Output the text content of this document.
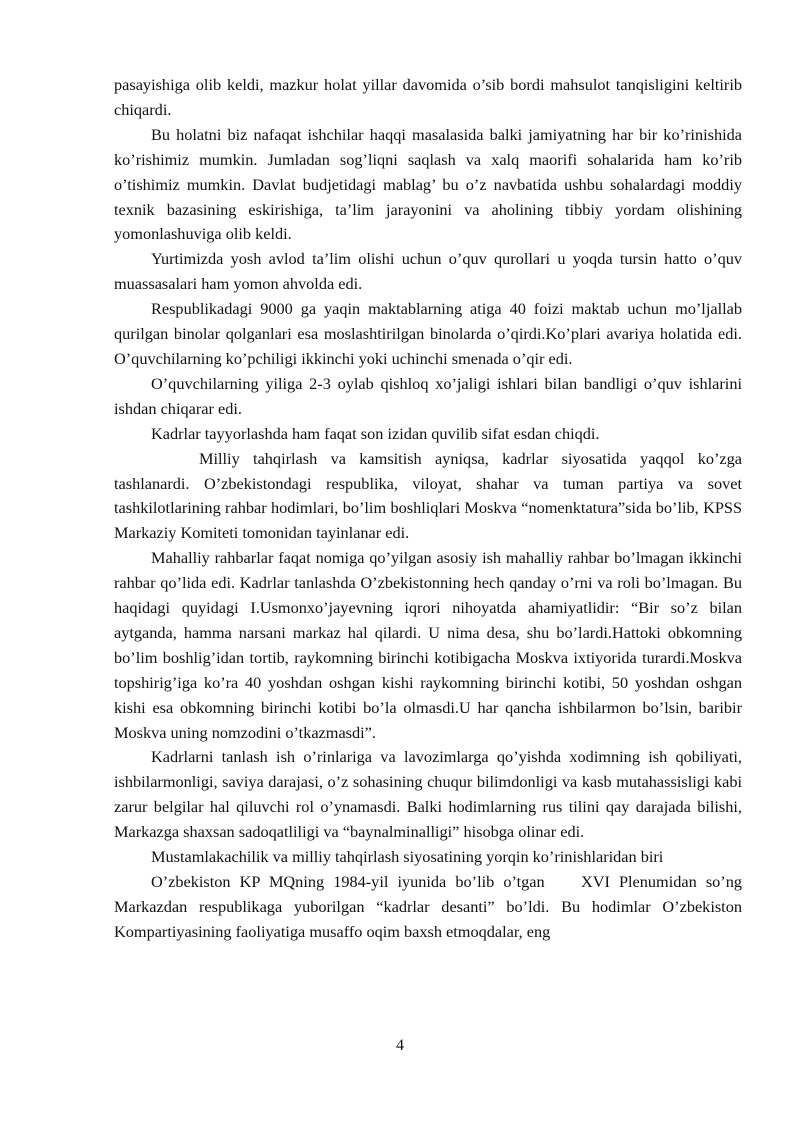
pasayishiga olib keldi, mazkur holat yillar davomida o’sib bordi mahsulot tanqisligini keltirib chiqardi.

Bu holatni biz nafaqat ishchilar haqqi masalasida balki jamiyatning har bir ko’rinishida ko’rishimiz mumkin. Jumladan sog’liqni saqlash va xalq maorifi sohalarida ham ko’rib o’tishimiz mumkin. Davlat budjetidagi mablag’ bu o’z navbatida ushbu sohalardagi moddiy texnik bazasining eskirishiga, ta’lim jarayonini va aholining tibbiy yordam olishining yomonlashuviga olib keldi.

Yurtimizda yosh avlod ta’lim olishi uchun o’quv qurollari u yoqda tursin hatto o’quv muassasalari ham yomon ahvolda edi.

Respublikadagi 9000 ga yaqin maktablarning atiga 40 foizi maktab uchun mo’ljallab qurilgan binolar qolganlari esa moslashtirilgan binolarda o’qirdi.Ko’plari avariya holatida edi. O’quvchilarning ko’pchiligi ikkinchi yoki uchinchi smenada o’qir edi.

O’quvchilarning yiliga 2-3 oylab qishloq xo’jaligi ishlari bilan bandligi o’quv ishlarini ishdan chiqarar edi.

Kadrlar tayyorlashda ham faqat son izidan quvilib sifat esdan chiqdi.

Milliy tahqirlash va kamsitish ayniqsa, kadrlar siyosatida yaqqol ko’zga tashlanardi. O’zbekistondagi respublika, viloyat, shahar va tuman partiya va sovet tashkilotlarining rahbar hodimlari, bo’lim boshliqlari Moskva “nomenktatura”sida bo’lib, KPSS Markaziy Komiteti tomonidan tayinlanar edi.

Mahalliy rahbarlar faqat nomiga qo’yilgan asosiy ish mahalliy rahbar bo’lmagan ikkinchi rahbar qo’lida edi. Kadrlar tanlashda O’zbekistonning hech qanday o’rni va roli bo’lmagan. Bu haqidagi quyidagi I.Usmonxo’jayevning iqrori nihoyatda ahamiyatlidir: “Bir so’z bilan aytganda, hamma narsani markaz hal qilardi. U nima desa, shu bo’lardi.Hattoki obkomning bo’lim boshlig’idan tortib, raykomning birinchi kotibigacha Moskva ixtiyorida turardi.Moskva topshirig’iga ko’ra 40 yoshdan oshgan kishi raykomning birinchi kotibi, 50 yoshdan oshgan kishi esa obkomning birinchi kotibi bo’la olmasdi.U har qancha ishbilarmon bo’lsin, baribir Moskva uning nomzodini o’tkazmasdi”.

Kadrlarni tanlash ish o’rinlariga va lavozimlarga qo’yishda xodimning ish qobiliyati, ishbilarmonligi, saviya darajasi, o’z sohasining chuqur bilimdonligi va kasb mutahassisligi kabi zarur belgilar hal qiluvchi rol o’ynamasdi. Balki hodimlarning rus tilini qay darajada bilishi, Markazga shaxsan sadoqatliligi va “baynalminalligi” hisobga olinar edi.

Mustamlakachilik va milliy tahqirlash siyosatining yorqin ko’rinishlaridan biri

O’zbekiston KP MQning 1984-yil iyunida bo’lib o’tgan    XVI Plenumidan so’ng Markazdan respublikaga yuborilgan “kadrlar desanti” bo’ldi. Bu hodimlar O’zbekiston Kompartiyasining faoliyatiga musaffo oqim baxsh etmoqdalar, eng

4
